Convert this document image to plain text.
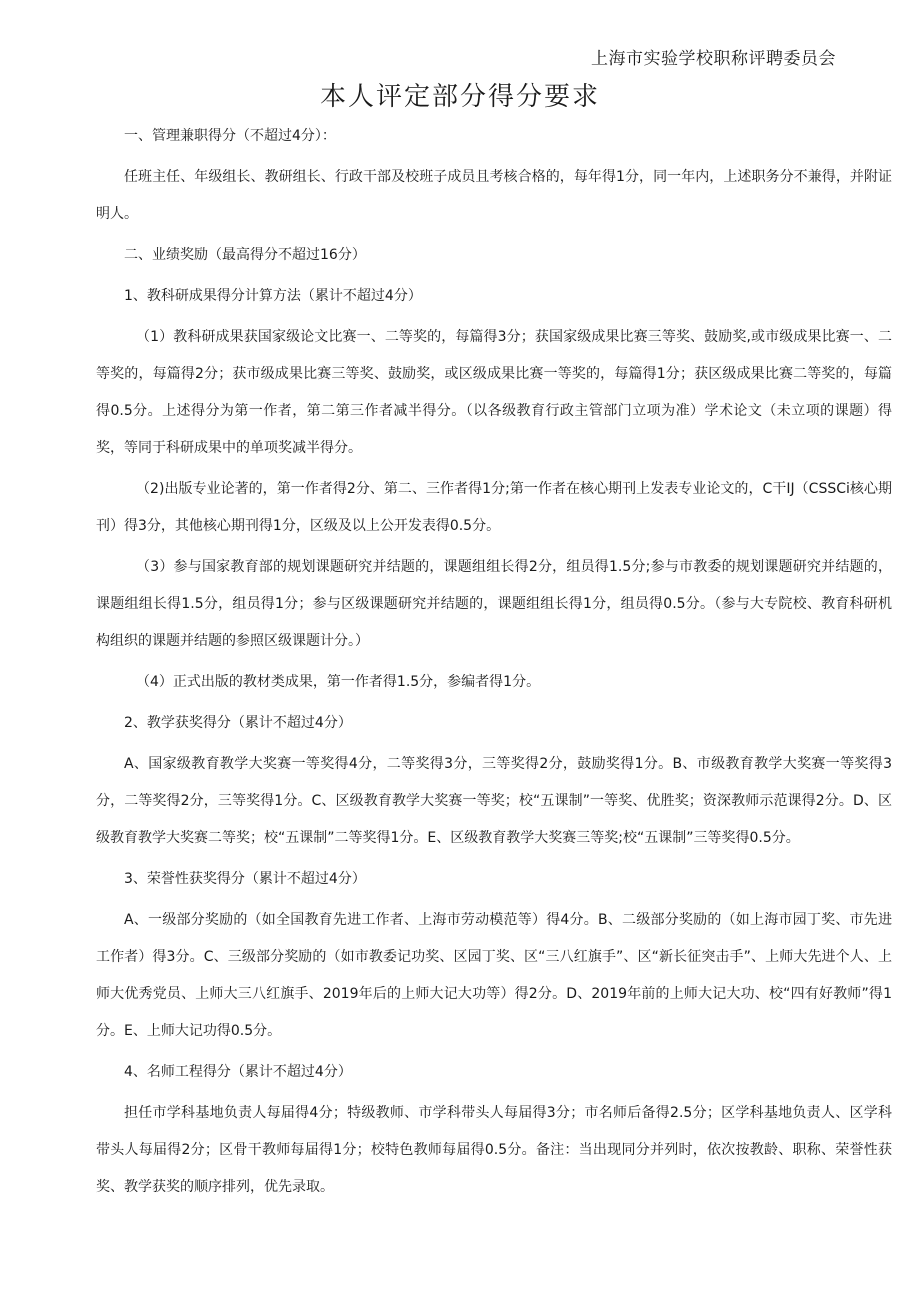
上海市实验学校职称评聘委员会

本人评定部分得分要求

一、管理兼职得分（不超过4分）：

任班主任、年级组长、教研组长、行政干部及校班子成员且考核合格的，每年得1分，同一年内，上述职务分不兼得，并附证明人。

二、业绩奖励（最高得分不超过16分）

1、教科研成果得分计算方法（累计不超过4分）

（1）教科研成果获国家级论文比赛一、二等奖的，每篇得3分；获国家级成果比赛三等奖、鼓励奖,或市级成果比赛一、二等奖的，每篇得2分；获市级成果比赛三等奖、鼓励奖，或区级成果比赛一等奖的，每篇得1分；获区级成果比赛二等奖的，每篇得0.5分。上述得分为第一作者，第二第三作者减半得分。（以各级教育行政主管部门立项为准）学术论文（未立项的课题）得奖，等同于科研成果中的单项奖减半得分。

（2)出版专业论著的，第一作者得2分、第二、三作者得1分;第一作者在核心期刊上发表专业论文的，C干IJ（CSSCi核心期刊）得3分，其他核心期刊得1分，区级及以上公开发表得0.5分。

（3）参与国家教育部的规划课题研究并结题的，课题组组长得2分，组员得1.5分;参与市教委的规划课题研究并结题的，课题组组长得1.5分，组员得1分；参与区级课题研究并结题的，课题组组长得1分，组员得0.5分。（参与大专院校、教育科研机构组织的课题并结题的参照区级课题计分。）

（4）正式出版的教材类成果，第一作者得1.5分，参编者得1分。

2、教学获奖得分（累计不超过4分）

A、国家级教育教学大奖赛一等奖得4分，二等奖得3分，三等奖得2分，鼓励奖得1分。B、市级教育教学大奖赛一等奖得3分，二等奖得2分，三等奖得1分。C、区级教育教学大奖赛一等奖；校“五课制”一等奖、优胜奖；资深教师示范课得2分。D、区级教育教学大奖赛二等奖；校“五课制”二等奖得1分。E、区级教育教学大奖赛三等奖;校“五课制”三等奖得0.5分。

3、荣誉性获奖得分（累计不超过4分）

A、一级部分奖励的（如全国教育先进工作者、上海市劳动模范等）得4分。B、二级部分奖励的（如上海市园丁奖、市先进工作者）得3分。C、三级部分奖励的（如市教委记功奖、区园丁奖、区“三八红旗手”、区“新长征突击手”、上师大先进个人、上师大优秀党员、上师大三八红旗手、2019年后的上师大记大功等）得2分。D、2019年前的上师大记大功、校“四有好教师”得1分。E、上师大记功得0.5分。

4、名师工程得分（累计不超过4分）

担任市学科基地负责人每届得4分；特级教师、市学科带头人每届得3分；市名师后备得2.5分；区学科基地负责人、区学科带头人每届得2分；区骨干教师每届得1分；校特色教师每届得0.5分。备注：当出现同分并列时，依次按教龄、职称、荣誉性获奖、教学获奖的顺序排列，优先录取。
